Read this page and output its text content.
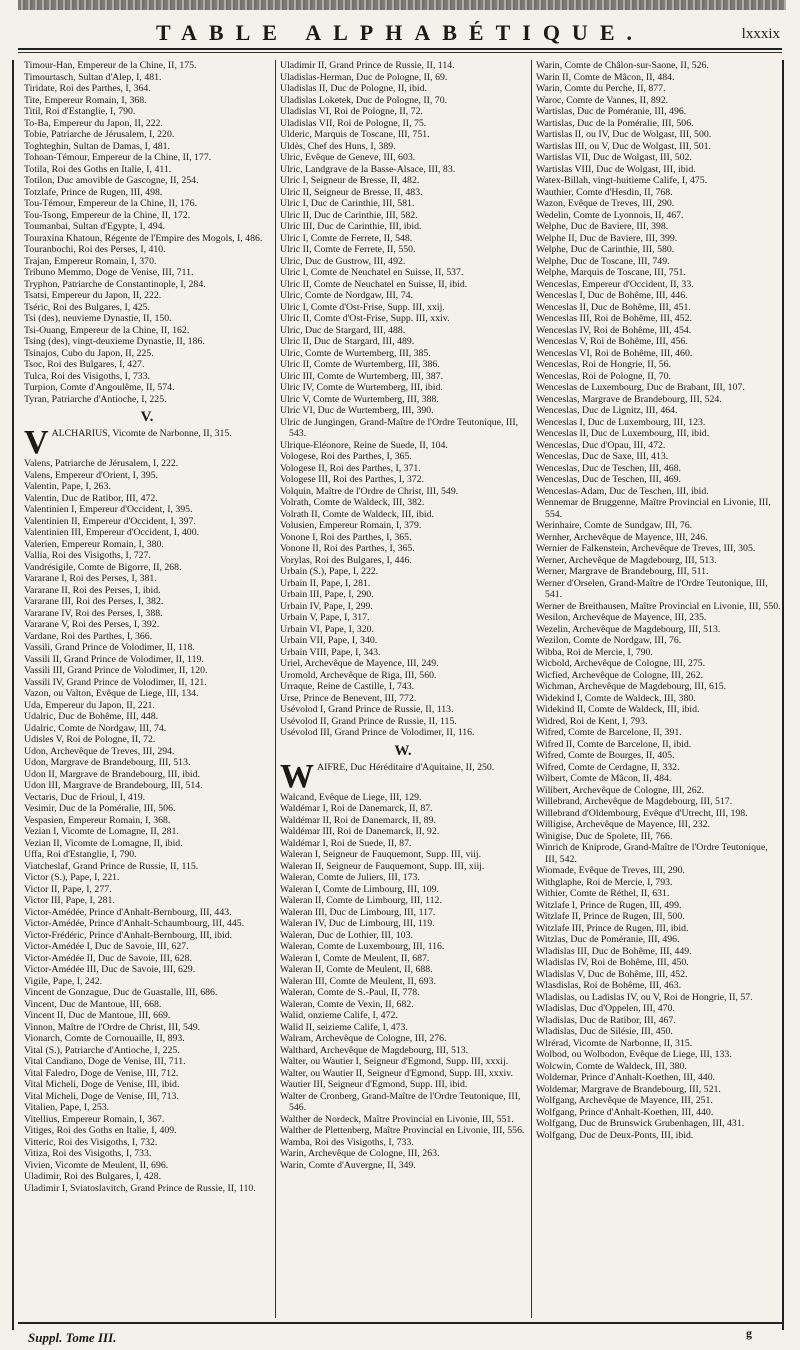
TABLE ALPHABÉTIQUE.	lxxxix

Timour-Han, Empereur de la Chine, II, 175.

Timourtasch, Sultan d'Alep, I, 481.

Tiridate, Roi des Parthes, I, 364.

Tite, Empereur Romain, I, 368.

Titil, Roi d'Estanglie, I, 790.

To-Ba, Empereur du Japon, II, 222.

Tobie, Patriarche de Jérusalem, I, 220.

Toghteghin, Sultan de Damas, I, 481.

Tohoan-Témour, Empereur de la Chine, II, 177.

Totila, Roi des Goths en Italie, I, 411.

Totilon, Duc amovible de Gascogne, II, 254.

Totzlafe, Prince de Rugen, III, 498.

Tou-Témour, Empereur de la Chine, II, 176.

Tou-Tsong, Empereur de la Chine, II, 172.

Toumanbai, Sultan d'Egypte, I, 494.

Touraxina Khatoun, Régente de l'Empire des Mogols, I, 486.

Touranbochi, Roi des Perses, I, 410.

Trajan, Empereur Romain, I, 370.

Tribuno Memmo, Doge de Venise, III, 711.

Tryphon, Patriarche de Constantinople, I, 284.

Tsatsi, Empereur du Japon, II, 222.

Tséric, Roi des Bulgares, I, 425.

Tsi (des), neuvieme Dynastie, II, 150.

Tsi-Ouang, Empereur de la Chine, II, 162.

Tsing (des), vingt-deuxieme Dynastie, II, 186.

Tsinajos, Cubo du Japon, II, 225.

Tsoc, Roi des Bulgares, I, 427.

Tulca, Roi des Visigoths, I, 733.

Turpion, Comte d'Angoulême, II, 574.

Tyran, Patriarche d'Antioche, I, 225.

V.

VALCHARIUS, Vicomte de Narbonne, II, 315.

Valens, Patriarche de Jérusalem, I, 222.

Valens, Empereur d'Orient, I, 395.

Valentin, Pape, I, 263.

Valentin, Duc de Ratibor, III, 472.

Valentinien I, Empereur d'Occident, I, 395.

Valentinien II, Empereur d'Occident, I, 397.

Valentinien III, Empereur d'Occident, I, 400.

Valerien, Empereur Romain, I, 380.

Vallia, Roi des Visigoths, I, 727.

Vandrésigile, Comte de Bigorre, II, 268.

Vararane I, Roi des Perses, I, 381.

Vararane II, Roi des Perses, I, ibid.

Vararane III, Roi des Perses, I, 382.

Vararane IV, Roi des Perses, I, 388.

Vararane V, Roi des Perses, I, 392.

Vardane, Roi des Parthes, I, 366.

Vassili, Grand Prince de Volodimer, II, 118.

Vassili II, Grand Prince de Volodimer, II, 119.

Vassili III, Grand Prince de Volodimer, II, 120.

Vassili IV, Grand Prince de Volodimer, II, 121.

Vazon, ou Valton, Evêque de Liege, III, 134.

Uda, Empereur du Japon, II, 221.

Udalric, Duc de Bohême, III, 448.

Udalric, Comte de Nordgaw, III, 74.

Udisles V, Roi de Pologne, II, 72.

Udon, Archevêque de Treves, III, 294.

Udon, Margrave de Brandebourg, III, 513.

Udon II, Margrave de Brandebourg, III, ibid.

Udon III, Margrave de Brandebourg, III, 514.

Vectaris, Duc de Frioul, I, 419.

Vesimir, Duc de la Poméralie, III, 506.

Vespasien, Empereur Romain, I, 368.

Vezian I, Vicomte de Lomagne, II, 281.

Vezian II, Vicomte de Lomagne, II, ibid.

Uffa, Roi d'Estanglie, I, 790.

Viatcheslaf, Grand Prince de Russie, II, 115.

Victor (S.), Pape, I, 221.

Victor II, Pape, I, 277.

Victor III, Pape, I, 281.

Victor-Amédée, Prince d'Anhalt-Bernbourg, III, 443.

Victor-Amédée, Prince d'Anhalt-Schaumbourg, III, 445.

Victor-Frédéric, Prince d'Anhalt-Bernbourg, III, ibid.

Victor-Amédée I, Duc de Savoie, III, 627.

Victor-Amédée II, Duc de Savoie, III, 628.

Victor-Amédée III, Duc de Savoie, III, 629.

Vigile, Pape, I, 242.

Vincent de Gonzague, Duc de Guastalle, III, 686.

Vincent, Duc de Mantoue, III, 668.

Vincent II, Duc de Mantoue, III, 669.

Vinnon, Maître de l'Ordre de Christ, III, 549.

Vionarch, Comte de Cornouaille, II, 893.

Vital (S.), Patriarche d'Antioche, I, 225.

Vital Candiano, Doge de Venise, III, 711.

Vital Faledro, Doge de Venise, III, 712.

Vital Micheli, Doge de Venise, III, ibid.

Vital Micheli, Doge de Venise, III, 713.

Vitalien, Pape, I, 253.

Vitellius, Empereur Romain, I, 367.

Vitiges, Roi des Goths en Italie, I, 409.

Vitteric, Roi des Visigoths, I, 732.

Vitiza, Roi des Visigoths, I, 733.

Vivien, Vicomte de Meulent, II, 696.

Uladimir, Roi des Bulgares, I, 428.

Uladimir I, Sviatoslavitch, Grand Prince de Russie, II, 110.

Uladimir II, Grand Prince de Russie, II, 114.

Uladislas-Herman, Duc de Pologne, II, 69.

Uladislas II, Duc de Pologne, II, ibid.

Uladislas Loketek, Duc de Pologne, II, 70.

Uladislas VI, Roi de Pologne, II, 72.

Uladislas VII, Roi de Pologne, II, 75.

Ulderic, Marquis de Toscane, III, 751.

Uldès, Chef des Huns, I, 389.

Ulric, Evêque de Geneve, III, 603.

Ulric, Landgrave de la Basse-Alsace, III, 83.

Ulric I, Seigneur de Bresse, II, 482.

Ulric II, Seigneur de Bresse, II, 483.

Ulric I, Duc de Carinthie, III, 581.

Ulric II, Duc de Carinthie, III, 582.

Ulric III, Duc de Carinthie, III, ibid.

Ulric I, Comte de Ferrete, II, 548.

Ulric II, Comte de Ferrete, II, 550.

Ulric, Duc de Gustrow, III, 492.

Ulric I, Comte de Neuchatel en Suisse, II, 537.

Ulric II, Comte de Neuchatel en Suisse, II, ibid.

Ulric, Comte de Nordgaw, III, 74.

Ulric I, Comte d'Ost-Frise, Supp. III, xxij.

Ulric II, Comte d'Ost-Frise, Supp. III, xxiv.

Ulric, Duc de Stargard, III, 488.

Ulric II, Duc de Stargard, III, 489.

Ulric, Comte de Wurtemberg, III, 385.

Ulric II, Comte de Wurtemberg, III, 386.

Ulric III, Comte de Wurtemberg, III, 387.

Ulric IV, Comte de Wurtemberg, III, ibid.

Ulric V, Comte de Wurtemberg, III, 388.

Ulric VI, Duc de Wurtemberg, III, 390.

Ulric de Jungingen, Grand-Maître de l'Ordre Teutonique, III, 543.

Ulrique-Eléonore, Reine de Suede, II, 104.

Vologese, Roi des Parthes, I, 365.

Vologese II, Roi des Parthes, I, 371.

Vologese III, Roi des Parthes, I, 372.

Volquin, Maître de l'Ordre de Christ, III, 549.

Volrath, Comte de Waldeck, III, 382.

Volrath II, Comte de Waldeck, III, ibid.

Volusien, Empereur Romain, I, 379.

Vonone I, Roi des Parthes, I, 365.

Vonone II, Roi des Parthes, I, 365.

Vorylas, Roi des Bulgares, I, 446.

Urbain (S.), Pape, I, 222.

Urbain II, Pape, I, 281.

Urbain III, Pape, I, 290.

Urbain IV, Pape, I, 299.

Urbain V, Pape, I, 317.

Urbain VI, Pape, I, 320.

Urbain VII, Pape, I, 340.

Urbain VIII, Pape, I, 343.

Uriel, Archevêque de Mayence, III, 249.

Uromold, Archevêque de Riga, III, 560.

Urraque, Reine de Castille, I, 743.

Urse, Prince de Benevent, III, 772.

Usévolod I, Grand Prince de Russie, II, 113.

Usévolod II, Grand Prince de Russie, II, 115.

Usévolod III, Grand Prince de Volodimer, II, 116.

W.

WAIFRE, Duc Héréditaire d'Aquitaine, II, 250.

Walcand, Evêque de Liege, III, 129.

Waldémar I, Roi de Danemarck, II, 87.

Waldémar II, Roi de Danemarck, II, 89.

Waldémar III, Roi de Danemarck, II, 92.

Waldémar I, Roi de Suede, II, 87.

Waleran I, Seigneur de Fauquemont, Supp. III, viij.

Waleran II, Seigneur de Fauquemont, Supp. III, xiij.

Waleran, Comte de Juliers, III, 173.

Waleran I, Comte de Limbourg, III, 109.

Waleran II, Comte de Limbourg, III, 112.

Waleran III, Duc de Limbourg, III, 117.

Waleran IV, Duc de Limbourg, III, 119.

Waleran, Duc de Lothier, III, 103.

Waleran, Comte de Luxembourg, III, 116.

Waleran I, Comte de Meulent, II, 687.

Waleran II, Comte de Meulent, II, 688.

Waleran III, Comte de Meulent, II, 693.

Waleran, Comte de S.-Paul, II, 778.

Waleran, Comte de Vexin, II, 682.

Walid, onzieme Calife, I, 472.

Walid II, seizieme Calife, I, 473.

Walram, Archevêque de Cologne, III, 276.

Walthard, Archevêque de Magdebourg, III, 513.

Walter, ou Wautier I, Seigneur d'Egmond, Supp. III, xxxij.

Walter, ou Wautier II, Seigneur d'Egmond, Supp. III, xxxiv.

Wautier III, Seigneur d'Egmond, Supp. III, ibid.

Walter de Cronberg, Grand-Maître de l'Ordre Teutonique, III, 546.

Walther de Nordeck, Maître Provincial en Livonie, III, 551.

Walther de Plettenberg, Maître Provincial en Livonie, III, 556.

Wamba, Roi des Visigoths, I, 733.

Warin, Archevêque de Cologne, III, 263.

Warin, Comte d'Auvergne, II, 349.

Warin, Comte de Châlon-sur-Saone, II, 526.

Warin II, Comte de Mâcon, II, 484.

Warin, Comte du Perche, II, 877.

Waroc, Comte de Vannes, II, 892.

Wartislas, Duc de Poméranie, III, 496.

Wartislas, Duc de la Poméralie, III, 506.

Wartislas II, ou IV, Duc de Wolgast, III, 500.

Wartislas III, ou V, Duc de Wolgast, III, 501.

Wartislas VII, Duc de Wolgast, III, 502.

Wartislas VIII, Duc de Wolgast, III, ibid.

Watex-Billah, vingt-huitieme Calife, I, 475.

Wauthier, Comte d'Hesdin, II, 768.

Wazon, Evêque de Treves, III, 290.

Wedelin, Comte de Lyonnois, II, 467.

Welphe, Duc de Baviere, III, 398.

Welphe II, Duc de Baviere, III, 399.

Welphe, Duc de Carinthie, III, 580.

Welphe, Duc de Toscane, III, 749.

Welphe, Marquis de Toscane, III, 751.

Wenceslas, Empereur d'Occident, II, 33.

Wenceslas I, Duc de Bohême, III, 446.

Wenceslas II, Duc de Bohême, III, 451.

Wenceslas III, Roi de Bohême, III, 452.

Wenceslas IV, Roi de Bohême, III, 454.

Wenceslas V, Roi de Bohême, III, 456.

Wenceslas VI, Roi de Bohême, III, 460.

Wenceslas, Roi de Hongrie, II, 56.

Wenceslas, Roi de Pologne, II, 70.

Wenceslas de Luxembourg, Duc de Brabant, III, 107.

Wenceslas, Margrave de Brandebourg, III, 524.

Wenceslas, Duc de Lignitz, III, 464.

Wenceslas I, Duc de Luxembourg, III, 123.

Wenceslas II, Duc de Luxembourg, III, ibid.

Wenceslas, Duc d'Opau, III, 472.

Wenceslas, Duc de Saxe, III, 413.

Wenceslas, Duc de Teschen, III, 468.

Wenceslas, Duc de Teschen, III, 469.

Wenceslas-Adam, Duc de Teschen, III, ibid.

Wennemar de Bruggenne, Maître Provincial en Livonie, III, 554.

Werinhaire, Comte de Sundgaw, III, 76.

Wernher, Archevêque de Mayence, III, 246.

Wernier de Falkenstein, Archevêque de Treves, III, 305.

Werner, Archevêque de Magdebourg, III, 513.

Werner, Margrave de Brandebourg, III, 511.

Werner d'Orselen, Grand-Maître de l'Ordre Teutonique, III, 541.

Werner de Breithausen, Maître Provincial en Livonie, III, 550.

Wesilon, Archevêque de Mayence, III, 235.

Wezelin, Archevêque de Magdebourg, III, 513.

Wezilon, Comte de Nordgaw, III, 76.

Wibba, Roi de Mercie, I, 790.

Wicbold, Archevêque de Cologne, III, 275.

Wicfied, Archevêque de Cologne, III, 262.

Wichman, Archevêque de Magdebourg, III, 615.

Widekind I, Comte de Waldeck, III, 380.

Widekind II, Comte de Waldeck, III, ibid.

Widred, Roi de Kent, I, 793.

Wifred, Comte de Barcelone, II, 391.

Wifred II, Comte de Barcelone, II, ibid.

Wifred, Comte de Bourges, II, 405.

Wifred, Comte de Cerdagne, II, 332.

Wilbert, Comte de Mâcon, II, 484.

Wilibert, Archevêque de Cologne, III, 262.

Willebrand, Archevêque de Magdebourg, III, 517.

Willebrand d'Oldembourg, Evêque d'Utrecht, III, 198.

Willigise, Archevêque de Mayence, III, 232.

Winigise, Duc de Spolete, III, 766.

Winrich de Kniprode, Grand-Maître de l'Ordre Teutonique, III, 542.

Wiomade, Evêque de Treves, III, 290.

Withglaphe, Roi de Mercie, I, 793.

Withier, Comte de Réthel, II, 631.

Witzlafe I, Prince de Rugen, III, 499.

Witzlafe II, Prince de Rugen, III, 500.

Witzlafe III, Prince de Rugen, III, ibid.

Witzlas, Duc de Poméranie, III, 496.

Wladislas III, Duc de Bohême, III, 449.

Wladislas IV, Roi de Bohême, III, 450.

Wladislas V, Duc de Bohême, III, 452.

Wlasdislas, Roi de Bohême, III, 463.

Wladislas, ou Ladislas IV, ou V, Roi de Hongrie, II, 57.

Wladislas, Duc d'Oppelen, III, 470.

Wladislas, Duc de Ratibor, III, 467.

Wladislas, Duc de Silésie, III, 450.

Wlrérad, Vicomte de Narbonne, II, 315.

Wolbod, ou Wolbodon, Evêque de Liege, III, 133.

Wolcwin, Comte de Waldeck, III, 380.

Woldemar, Prince d'Anhalt-Koethen, III, 440.

Woldemar, Margrave de Brandebourg, III, 521.

Wolfgang, Archevêque de Mayence, III, 251.

Wolfgang, Prince d'Anhalt-Koethen, III, 440.

Wolfgang, Duc de Brunswick Grubenhagen, III, 431.

Wolfgang, Duc de Deux-Ponts, III, ibid.

Suppl. Tome III.	g
